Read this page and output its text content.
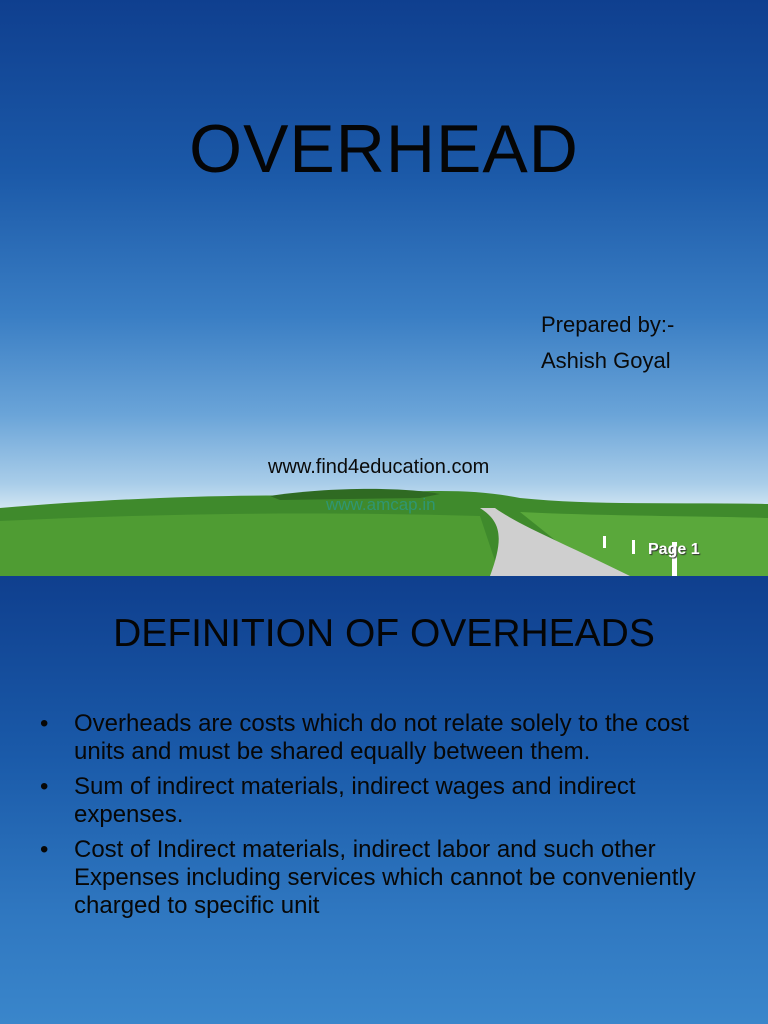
OVERHEAD
Prepared by:-
Ashish Goyal
www.find4education.com
www.amcap.in
Page 1
DEFINITION OF OVERHEADS
• Overheads are costs which do not relate solely to the cost units and must be shared equally between them.
• Sum of indirect materials, indirect wages and indirect expenses.
• Cost of Indirect materials, indirect labor and such other Expenses including services which cannot be conveniently charged to specific unit
